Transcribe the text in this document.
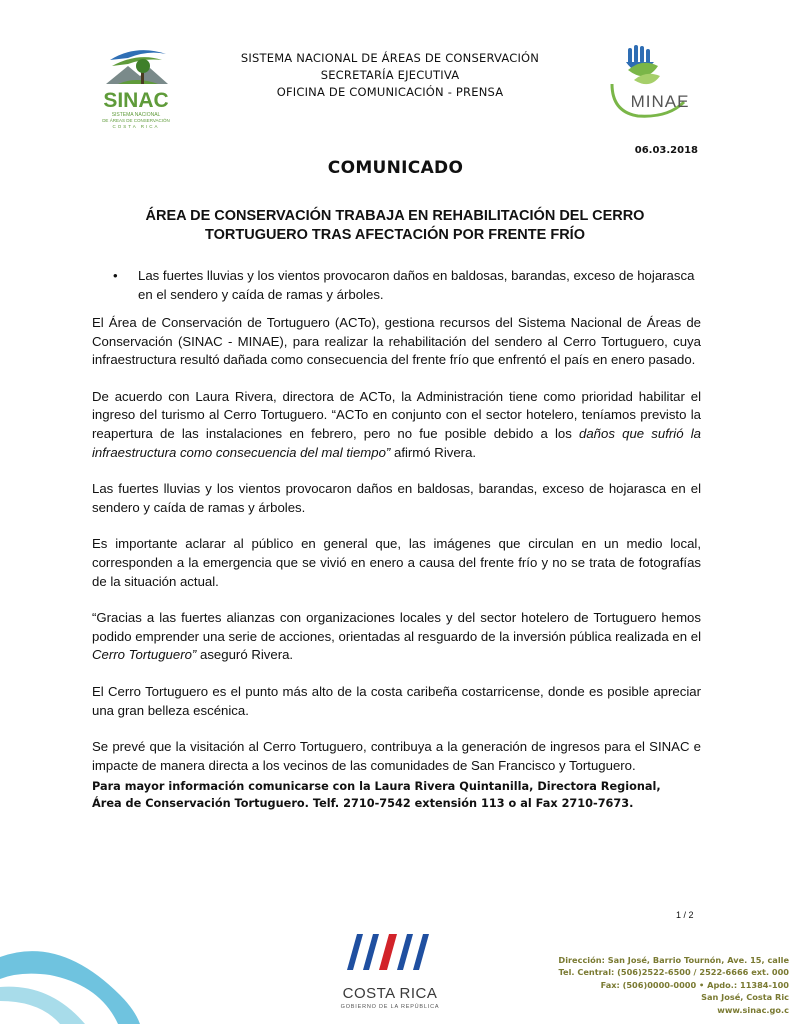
SINAC
SISTEMA NACIONAL
DE ÁREAS DE CONSERVACIÓN
COSTA RICA
MINAE
SISTEMA NACIONAL DE ÁREAS DE CONSERVACIÓN
SECRETARÍA EJECUTIVA
OFICINA DE COMUNICACIÓN - PRENSA
06.03.2018
COMUNICADO
ÁREA DE CONSERVACIÓN TRABAJA EN REHABILITACIÓN DEL CERRO
TORTUGUERO TRAS AFECTACIÓN POR FRENTE FRÍO
• Las fuertes lluvias y los vientos provocaron daños en baldosas, barandas, exceso de hojarasca en el sendero y caída de ramas y árboles.

El Área de Conservación de Tortuguero (ACTo), gestiona recursos del Sistema Nacional de Áreas de Conservación (SINAC - MINAE), para realizar la rehabilitación del sendero al Cerro Tortuguero, cuya infraestructura resultó dañada como consecuencia del frente frío que enfrentó el país en enero pasado.

De acuerdo con Laura Rivera, directora de ACTo, la Administración tiene como prioridad habilitar el ingreso del turismo al Cerro Tortuguero. “ACTo en conjunto con el sector hotelero, teníamos previsto la reapertura de las instalaciones en febrero, pero no fue posible debido a los daños que sufrió la infraestructura como consecuencia del mal tiempo” afirmó Rivera.

Las fuertes lluvias y los vientos provocaron daños en baldosas, barandas, exceso de hojarasca en el sendero y caída de ramas y árboles.

Es importante aclarar al público en general que, las imágenes que circulan en un medio local, corresponden a la emergencia que se vivió en enero a causa del frente frío y no se trata de fotografías de la situación actual.

“Gracias a las fuertes alianzas con organizaciones locales y del sector hotelero de Tortuguero hemos podido emprender una serie de acciones, orientadas al resguardo de la inversión pública realizada en el Cerro Tortuguero” aseguró Rivera.

El Cerro Tortuguero es el punto más alto de la costa caribeña costarricense, donde es posible apreciar una gran belleza escénica.

Se prevé que la visitación al Cerro Tortuguero, contribuya a la generación de ingresos para el SINAC e impacte de manera directa a los vecinos de las comunidades de San Francisco y Tortuguero.

Para mayor información comunicarse con la Laura Rivera Quintanilla, Directora Regional,
Área de Conservación Tortuguero. Telf. 2710-7542 extensión 113 o al Fax 2710-7673.
1 / 2
COSTA RICA
GOBIERNO DE LA REPÚBLICA
Dirección: San José, Barrio Tournón, Ave. 15, calle
Tel. Central: (506)2522-6500 / 2522-6666 ext. 000
Fax: (506)0000-0000 • Apdo.: 11384-100
San José, Costa Ric
www.sinac.go.c
